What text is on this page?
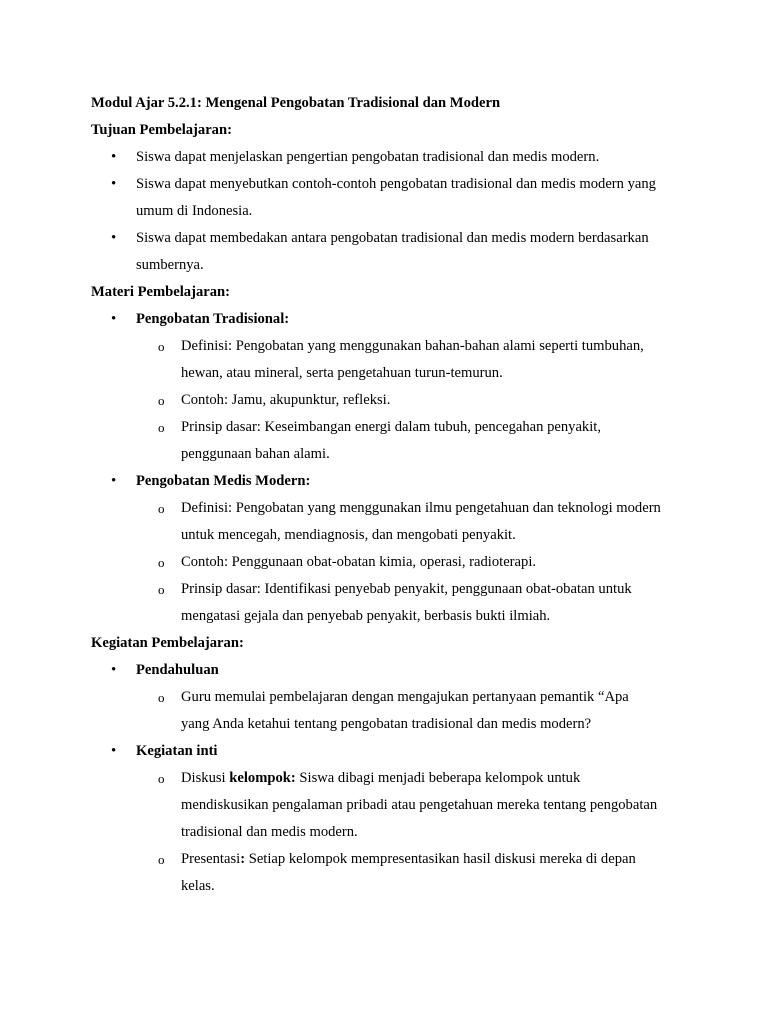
Modul Ajar 5.2.1: Mengenal Pengobatan Tradisional dan Modern

Tujuan Pembelajaran:

• Siswa dapat menjelaskan pengertian pengobatan tradisional dan medis modern.
• Siswa dapat menyebutkan contoh-contoh pengobatan tradisional dan medis modern yang
umum di Indonesia.
• Siswa dapat membedakan antara pengobatan tradisional dan medis modern berdasarkan
sumbernya.

Materi Pembelajaran:

• Pengobatan Tradisional:
o Definisi: Pengobatan yang menggunakan bahan-bahan alami seperti tumbuhan,
hewan, atau mineral, serta pengetahuan turun-temurun.
o Contoh: Jamu, akupunktur, refleksi.
o Prinsip dasar: Keseimbangan energi dalam tubuh, pencegahan penyakit,
penggunaan bahan alami.
• Pengobatan Medis Modern:
o Definisi: Pengobatan yang menggunakan ilmu pengetahuan dan teknologi modern
untuk mencegah, mendiagnosis, dan mengobati penyakit.
o Contoh: Penggunaan obat-obatan kimia, operasi, radioterapi.
o Prinsip dasar: Identifikasi penyebab penyakit, penggunaan obat-obatan untuk
mengatasi gejala dan penyebab penyakit, berbasis bukti ilmiah.

Kegiatan Pembelajaran:

• Pendahuluan
o Guru memulai pembelajaran dengan mengajukan pertanyaan pemantik “Apa
yang Anda ketahui tentang pengobatan tradisional dan medis modern?
• Kegiatan inti
o Diskusi kelompok: Siswa dibagi menjadi beberapa kelompok untuk
mendiskusikan pengalaman pribadi atau pengetahuan mereka tentang pengobatan
tradisional dan medis modern.
o Presentasi: Setiap kelompok mempresentasikan hasil diskusi mereka di depan
kelas.
